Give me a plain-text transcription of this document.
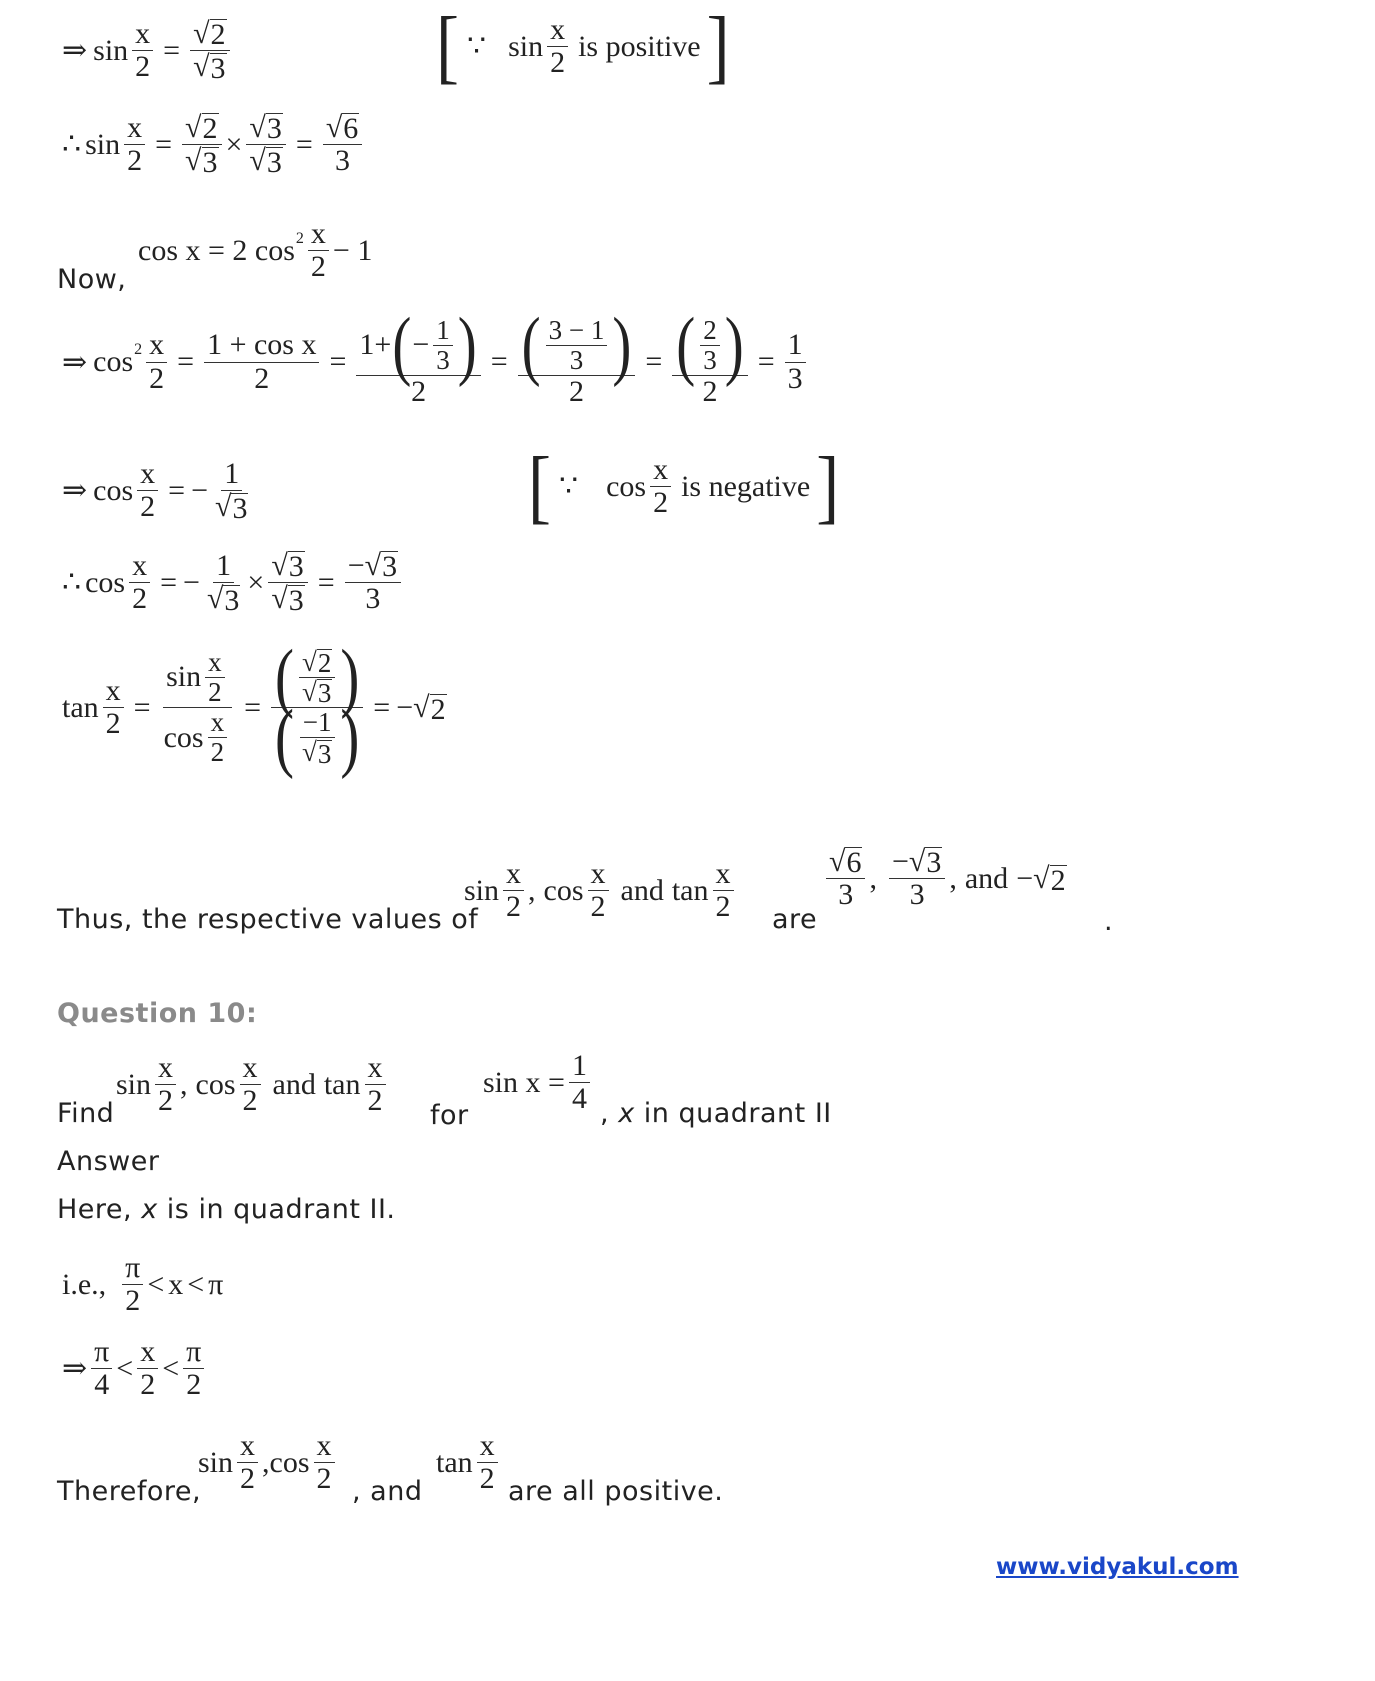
⇒ $\sin \frac{x}{2} = \frac{√ 2}{√ 3}$	[ ∵ $\sin \frac{x}{2}$ is positive ]
∴ $\sin \frac{x}{2} = \frac{√ 2}{√ 3} \times \frac{√ 3}{√ 3} = \frac{√ 6}{3}$
cos x = 2 $\cos 2 \frac{x}{2} - 1$
Now,
⇒ $\cos 2 \frac{x}{2} = \frac{\text{1 + cos x}}{2} = \frac{1 + ( - \frac{1}{3} )}{2} = \frac{( \frac{3 - 1}{3} )}{2} = \frac{( \frac{2}{3} )}{2} = \frac{1}{3}$
⇒ $\cos \frac{x}{2}$ = − $\frac{1}{√ 3}$	[ ∵ $\cos \frac{x}{2}$ is negative ]
∴ $\cos \frac{x}{2}$ = − $\frac{1}{√ 3} \times \frac{√ 3}{√ 3} = \frac{- √ 3}{3}$
$\tan \frac{x}{2} = \frac{\sin \frac{x}{2}}{\cos \frac{x}{2}} = \frac{( \frac{√ 2}{√ 3} )}{( \frac{-1}{√ 3} )}$ = − √ 2
Thus, the respective values of
$\sin \frac{x}{2}$ , $\cos \frac{x}{2}$ and $\tan \frac{x}{2}$ are
$\frac{√ 6}{3}$ , $\frac{- √ 3}{3}$ , and − √ 2
.
Question 10:
Find
$\sin \frac{x}{2}$ , $\cos \frac{x}{2}$ and $\tan \frac{x}{2}$ for
$\sin x = \frac{1}{4}$ , x in quadrant II
Answer
Here, x is in quadrant II.
i.e., $\frac{\pi}{2} < x < \pi$
⇒ $\frac{\pi}{4} < \frac{x}{2} < \frac{\pi}{2}$
Therefore,
$\sin \frac{x}{2}$ , $\cos \frac{x}{2}$ , and
$\tan \frac{x}{2}$ are all positive.
www.vidyakul.com
